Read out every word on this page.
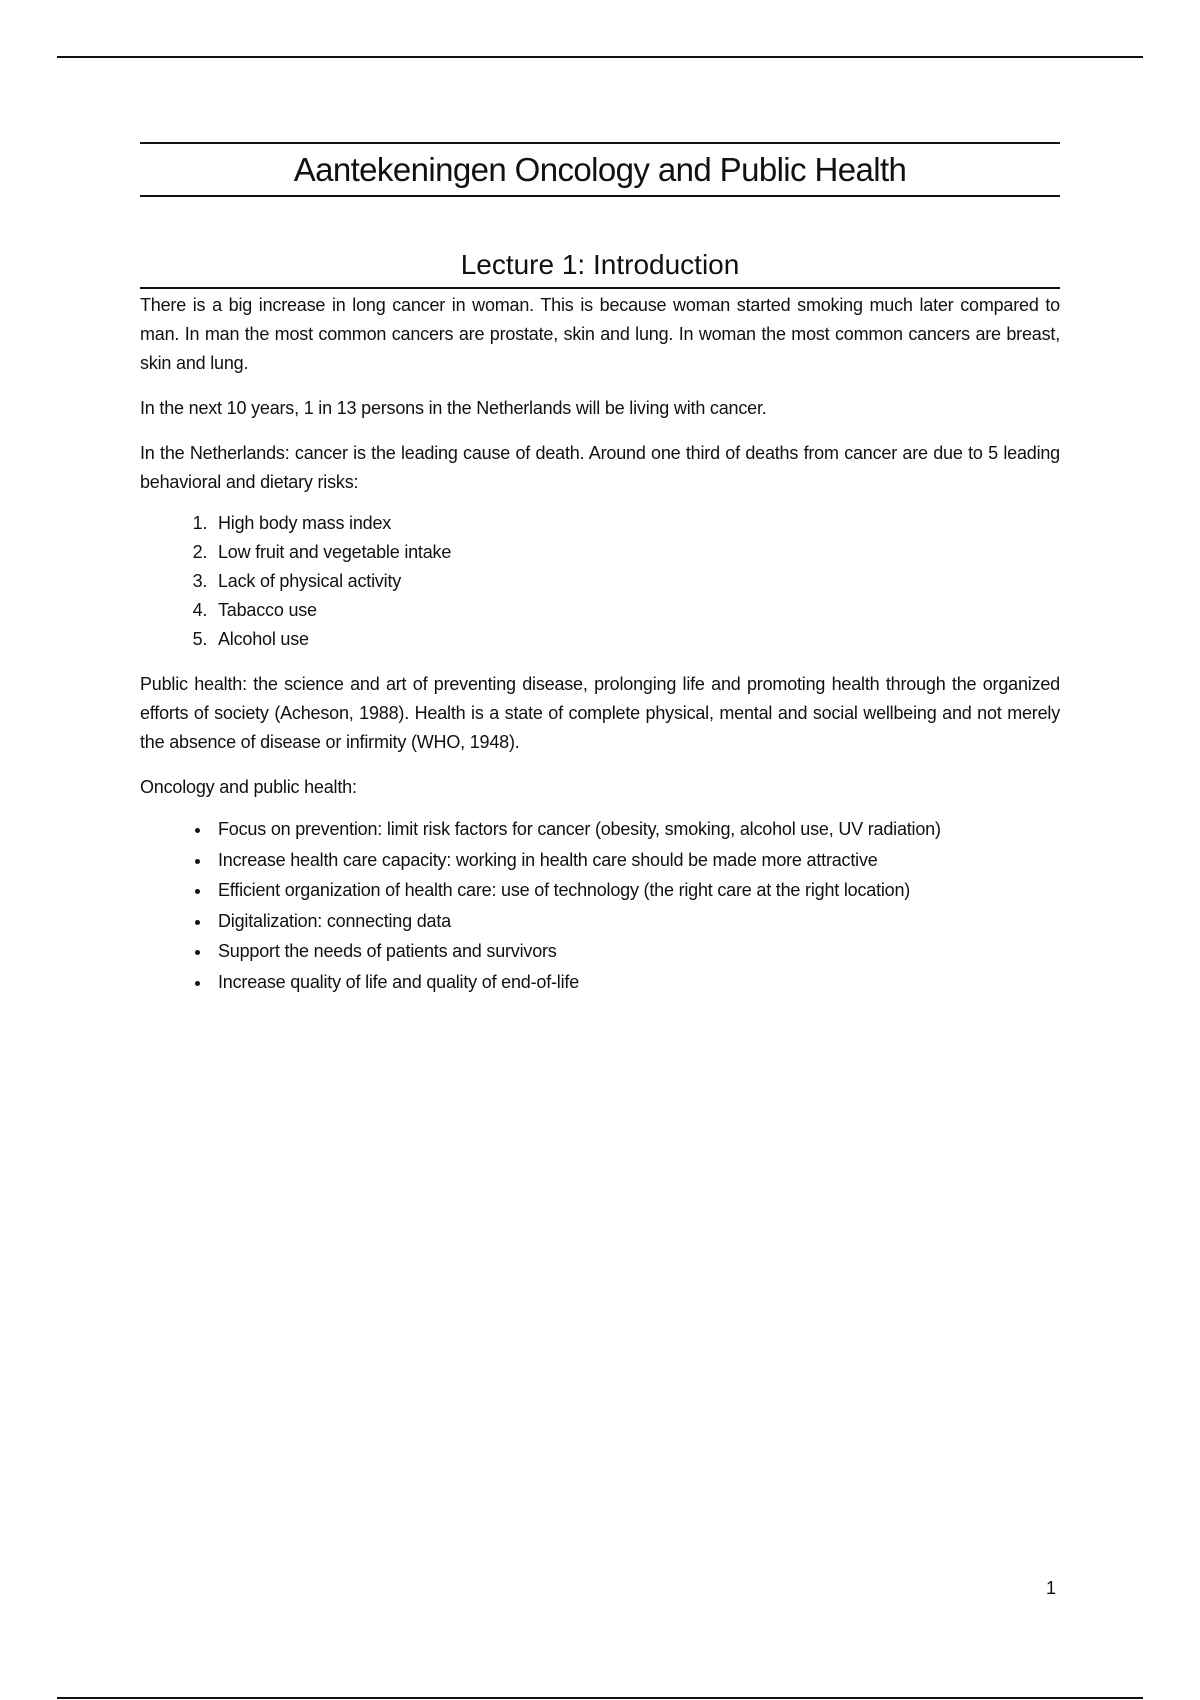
Aantekeningen Oncology and Public Health
Lecture 1: Introduction

There is a big increase in long cancer in woman. This is because woman started smoking much later compared to man. In man the most common cancers are prostate, skin and lung. In woman the most common cancers are breast, skin and lung.

In the next 10 years, 1 in 13 persons in the Netherlands will be living with cancer.

In the Netherlands: cancer is the leading cause of death. Around one third of deaths from cancer are due to 5 leading behavioral and dietary risks:

1. High body mass index
2. Low fruit and vegetable intake
3. Lack of physical activity
4. Tabacco use
5. Alcohol use

Public health: the science and art of preventing disease, prolonging life and promoting health through the organized efforts of society (Acheson, 1988). Health is a state of complete physical, mental and social wellbeing and not merely the absence of disease or infirmity (WHO, 1948).

Oncology and public health:

• Focus on prevention: limit risk factors for cancer (obesity, smoking, alcohol use, UV radiation)
• Increase health care capacity: working in health care should be made more attractive
• Efficient organization of health care: use of technology (the right care at the right location)
• Digitalization: connecting data
• Support the needs of patients and survivors
• Increase quality of life and quality of end-of-life
1
